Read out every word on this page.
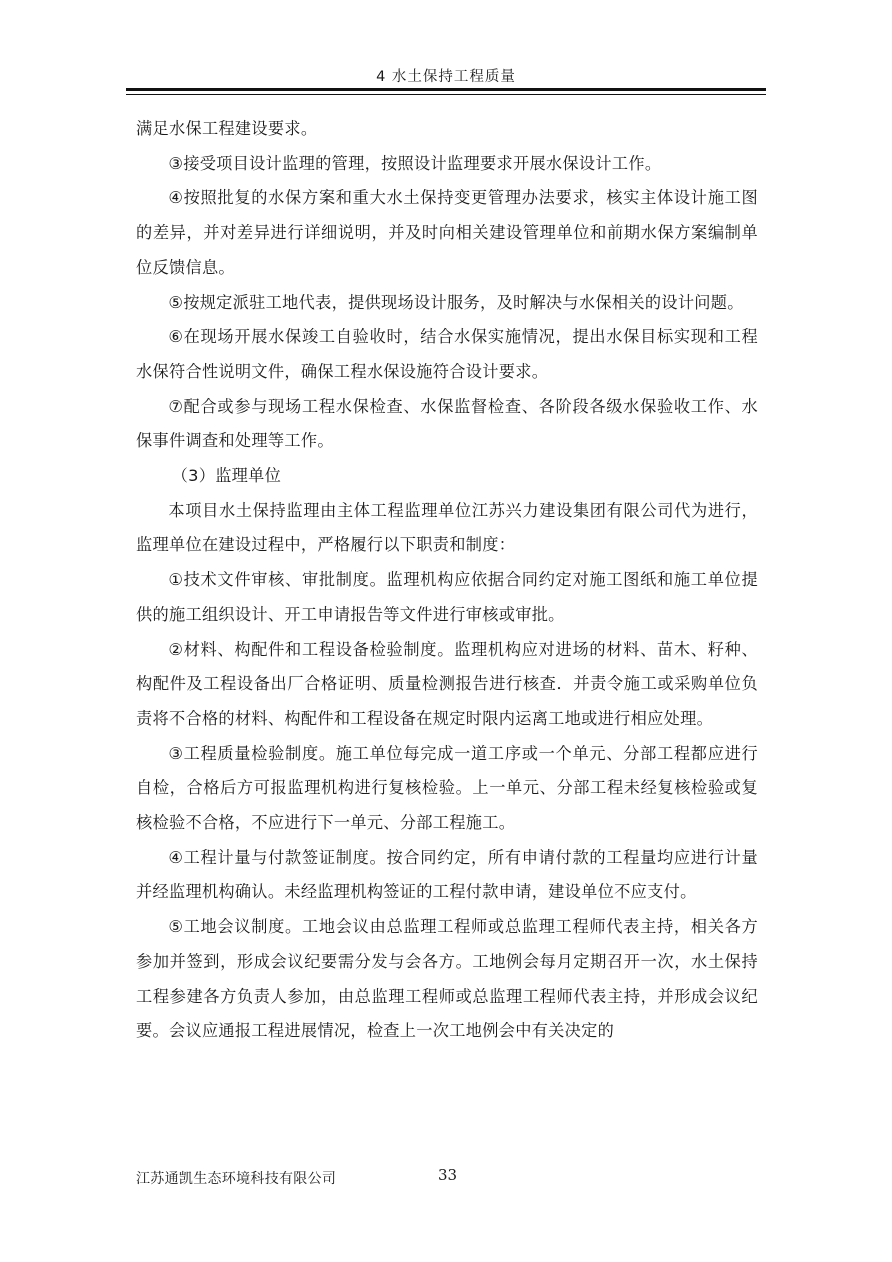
4 水土保持工程质量

满足水保工程建设要求。

③接受项目设计监理的管理，按照设计监理要求开展水保设计工作。

④按照批复的水保方案和重大水土保持变更管理办法要求，核实主体设计施工图的差异，并对差异进行详细说明，并及时向相关建设管理单位和前期水保方案编制单位反馈信息。

⑤按规定派驻工地代表，提供现场设计服务，及时解决与水保相关的设计问题。

⑥在现场开展水保竣工自验收时，结合水保实施情况，提出水保目标实现和工程水保符合性说明文件，确保工程水保设施符合设计要求。

⑦配合或参与现场工程水保检查、水保监督检查、各阶段各级水保验收工作、水保事件调查和处理等工作。

（3）监理单位

本项目水土保持监理由主体工程监理单位江苏兴力建设集团有限公司代为进行，监理单位在建设过程中，严格履行以下职责和制度：

①技术文件审核、审批制度。监理机构应依据合同约定对施工图纸和施工单位提供的施工组织设计、开工申请报告等文件进行审核或审批。

②材料、构配件和工程设备检验制度。监理机构应对进场的材料、苗木、籽种、构配件及工程设备出厂合格证明、质量检测报告进行核查．并责令施工或采购单位负责将不合格的材料、构配件和工程设备在规定时限内运离工地或进行相应处理。

③工程质量检验制度。施工单位每完成一道工序或一个单元、分部工程都应进行自检，合格后方可报监理机构进行复核检验。上一单元、分部工程未经复核检验或复核检验不合格，不应进行下一单元、分部工程施工。

④工程计量与付款签证制度。按合同约定，所有申请付款的工程量均应进行计量并经监理机构确认。未经监理机构签证的工程付款申请，建设单位不应支付。

⑤工地会议制度。工地会议由总监理工程师或总监理工程师代表主持，相关各方参加并签到，形成会议纪要需分发与会各方。工地例会每月定期召开一次，水土保持工程参建各方负责人参加，由总监理工程师或总监理工程师代表主持，并形成会议纪要。会议应通报工程进展情况，检查上一次工地例会中有关决定的

江苏通凯生态环境科技有限公司	33
